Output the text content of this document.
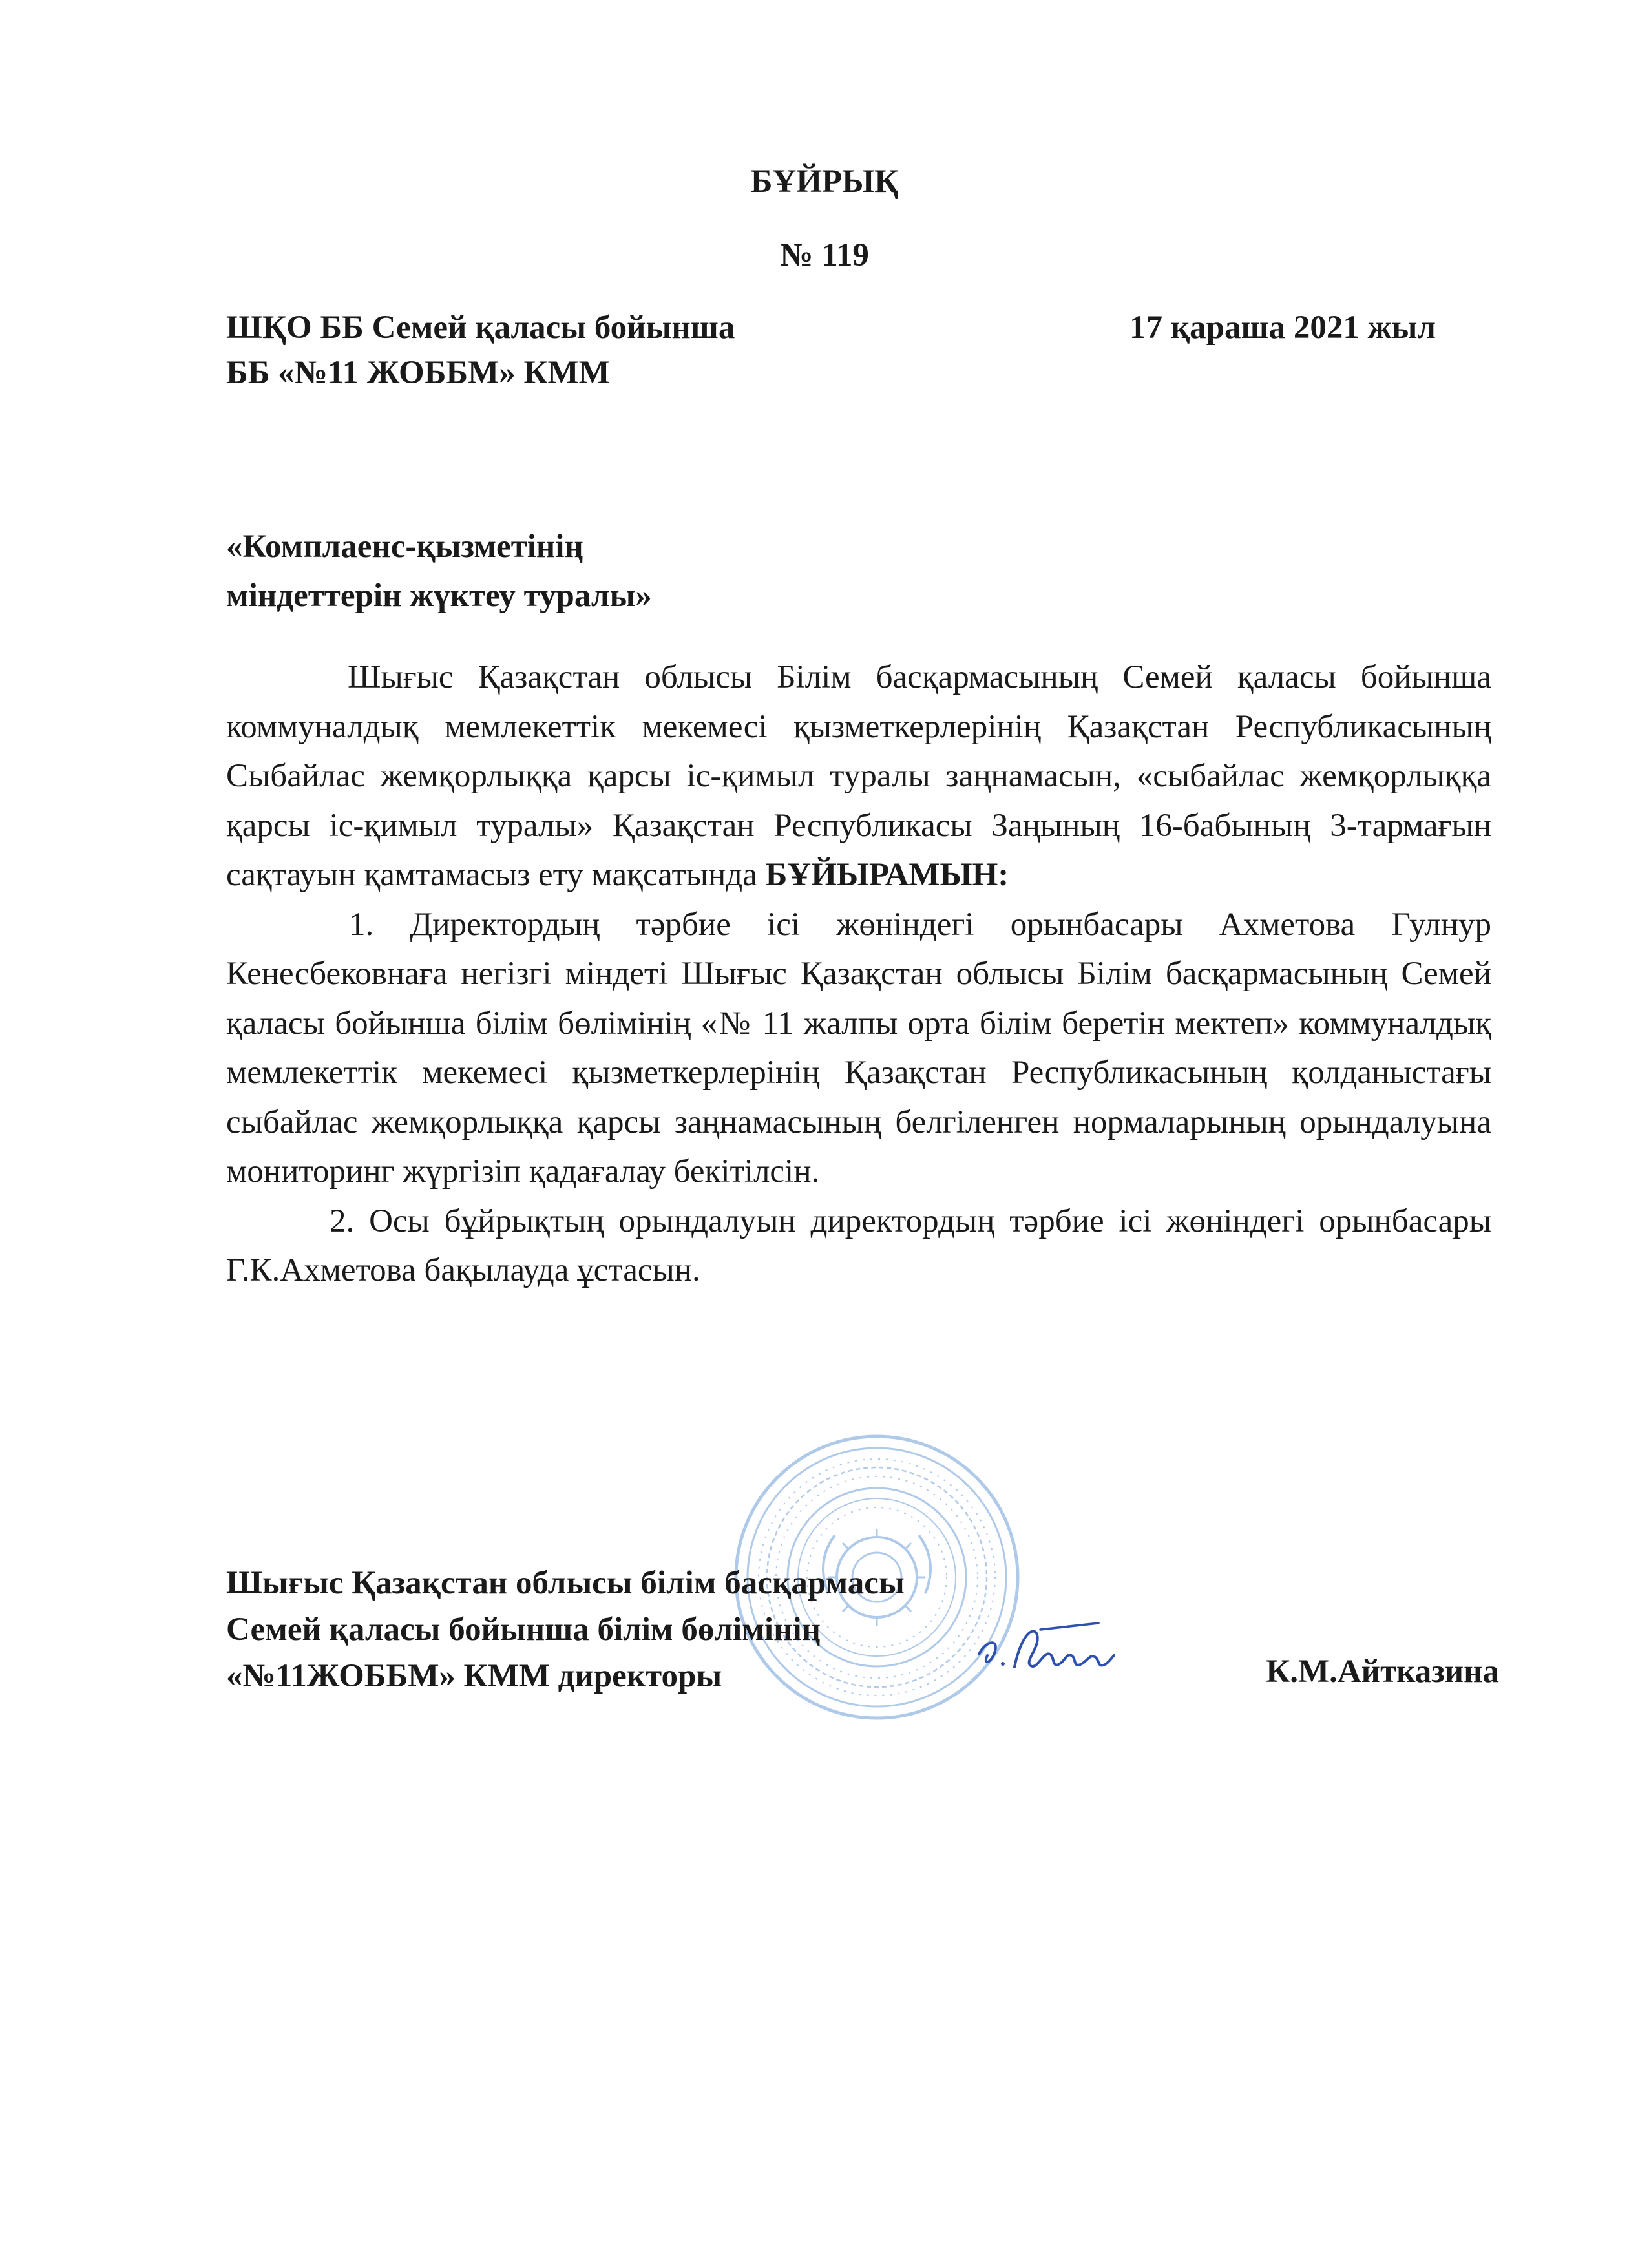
БҰЙРЫҚ
№ 119
ШҚО ББ Семей қаласы бойынша
ББ «№11 ЖОББМ» КММ
17 қараша 2021 жыл
«Комплаенс-қызметінің
міндеттерін жүктеу туралы»

Шығыс Қазақстан облысы Білім басқармасының Семей қаласы бойынша коммуналдық мемлекеттік мекемесі қызметкерлерінің Қазақстан Республикасының Сыбайлас жемқорлыққа қарсы іс-қимыл туралы заңнамасын, «сыбайлас жемқорлыққа қарсы іс-қимыл туралы» Қазақстан Республикасы Заңының 16-бабының 3-тармағын сақтауын қамтамасыз ету мақсатында БҰЙЫРАМЫН:

1. Директордың тәрбие ісі жөніндегі орынбасары Ахметова Гулнур Кенесбековнаға негізгі міндеті Шығыс Қазақстан облысы Білім басқармасының Семей қаласы бойынша білім бөлімінің «№ 11 жалпы орта білім беретін мектеп» коммуналдық мемлекеттік мекемесі қызметкерлерінің Қазақстан Республикасының қолданыстағы сыбайлас жемқорлыққа қарсы заңнамасының белгіленген нормаларының орындалуына мониторинг жүргізіп қадағалау бекітілсін.

2. Осы бұйрықтың орындалуын директордың тәрбие ісі жөніндегі орынбасары Г.К.Ахметова бақылауда ұстасын.

Шығыс Қазақстан облысы білім басқармасы
Семей қаласы бойынша білім бөлімінің
«№11ЖОББМ» КММ директоры	К.М.Айтказина
